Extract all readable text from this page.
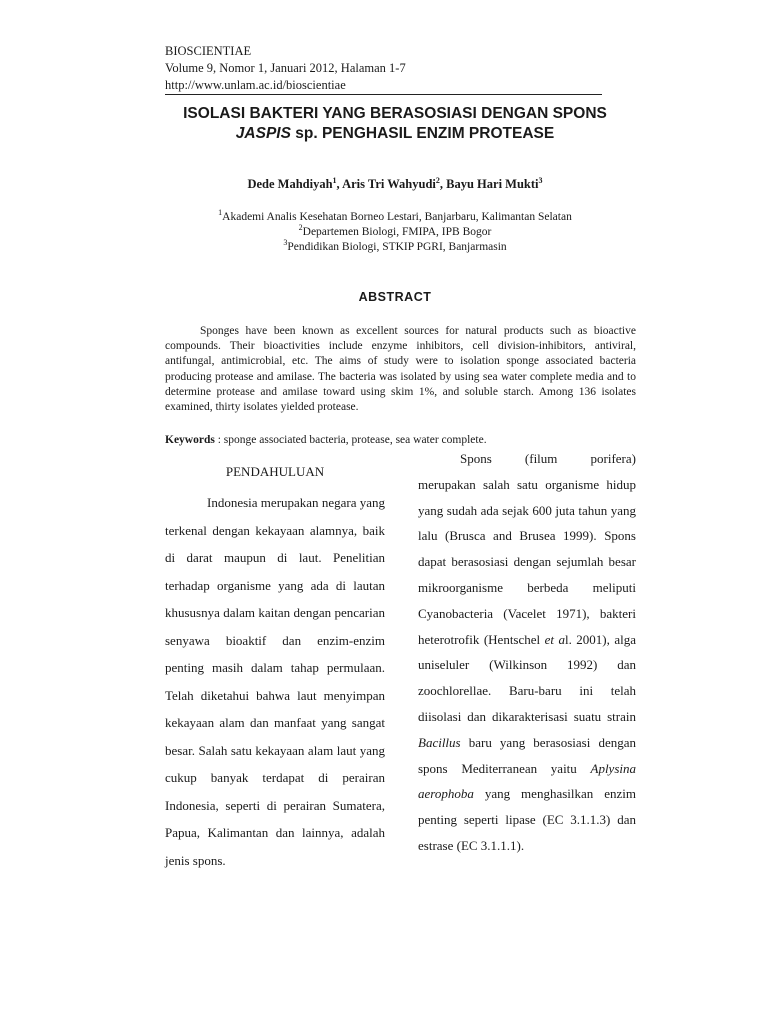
BIOSCIENTIAE
Volume 9, Nomor 1, Januari 2012, Halaman 1-7
http://www.unlam.ac.id/bioscientiae
ISOLASI BAKTERI YANG BERASOSIASI DENGAN SPONS
JASPIS sp. PENGHASIL ENZIM PROTEASE
Dede Mahdiyah$^1$, Aris Tri Wahyudi$^2$, Bayu Hari Mukti$^3$
$^1$Akademi Analis Kesehatan Borneo Lestari, Banjarbaru, Kalimantan Selatan
$^2$Departemen Biologi, FMIPA, IPB Bogor
$^3$Pendidikan Biologi, STKIP PGRI, Banjarmasin
ABSTRACT
Sponges have been known as excellent sources for natural products such as bioactive compounds. Their bioactivities include enzyme inhibitors, cell division-inhibitors, antiviral, antifungal, antimicrobial, etc. The aims of study were to isolation sponge associated bacteria producing protease and amilase. The bacteria was isolated by using sea water complete media and to determine protease and amilase toward using skim 1%, and soluble starch. Among 136 isolates examined, thirty isolates yielded protease.
Keywords : sponge associated bacteria, protease, sea water complete.
PENDAHULUAN

Indonesia merupakan negara yang terkenal dengan kekayaan alamnya, baik di darat maupun di laut. Penelitian terhadap organisme yang ada di lautan khususnya dalam kaitan dengan pencarian senyawa bioaktif dan enzim-enzim penting masih dalam tahap permulaan. Telah diketahui bahwa laut menyimpan kekayaan alam dan manfaat yang sangat besar. Salah satu kekayaan alam laut yang cukup banyak terdapat di perairan Indonesia, seperti di perairan Sumatera, Papua, Kalimantan dan lainnya, adalah jenis spons.

Spons (filum porifera) merupakan salah satu organisme hidup yang sudah ada sejak 600 juta tahun yang lalu (Brusca and Brusea 1999). Spons dapat berasosiasi dengan sejumlah besar mikroorganisme berbeda meliputi Cyanobacteria (Vacelet 1971), bakteri heterotrofik (Hentschel et al. 2001), alga uniseluler (Wilkinson 1992) dan zoochlorellae. Baru-baru ini telah diisolasi dan dikarakterisasi suatu strain Bacillus baru yang berasosiasi dengan spons Mediterranean yaitu Aplysina aerophoba yang menghasilkan enzim penting seperti lipase (EC 3.1.1.3) dan estrase (EC 3.1.1.1).
